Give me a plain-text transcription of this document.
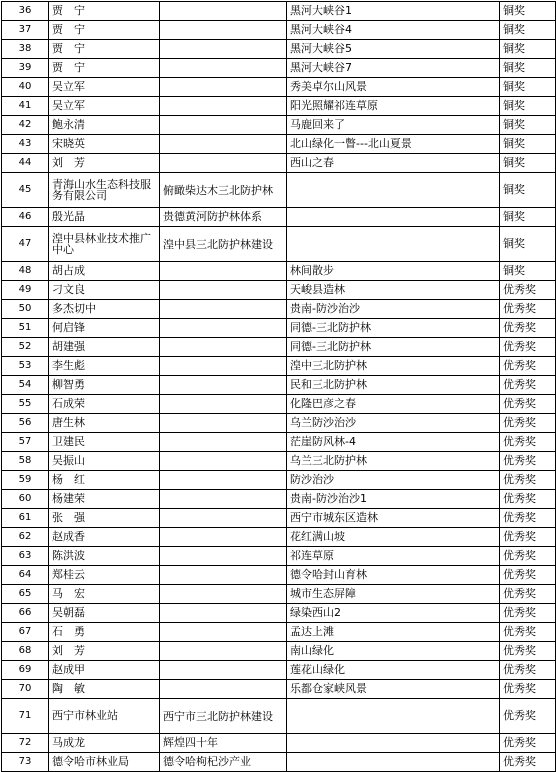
36	贾　宁		黑河大峡谷1	铜奖
37	贾　宁		黑河大峡谷4	铜奖
38	贾　宁		黑河大峡谷5	铜奖
39	贾　宁		黑河大峡谷7	铜奖
40	吴立军		秀美卓尔山风景	铜奖
41	吴立军		阳光照耀祁连草原	铜奖
42	鲍永清		马鹿回来了	铜奖
43	宋晓英		北山绿化一瞥---北山夏景	铜奖
44	刘　芳		西山之春	铜奖
45	青海山水生态科技服务有限公司	俯瞰柴达木三北防护林		铜奖
46	殷光晶	贵德黄河防护林体系		铜奖
47	湟中县林业技术推广中心	湟中县三北防护林建设		铜奖
48	胡占成		林间散步	铜奖
49	刁文良		天峻县造林	优秀奖
50	多杰切中		贵南-防沙治沙	优秀奖
51	何启锋		同德-三北防护林	优秀奖
52	胡建强		同德-三北防护林	优秀奖
53	李生彪		湟中三北防护林	优秀奖
54	柳智勇		民和三北防护林	优秀奖
55	石成荣		化隆巴彦之春	优秀奖
56	唐生林		乌兰防沙治沙	优秀奖
57	卫建民		茫崖防风林-4	优秀奖
58	吴振山		乌兰三北防护林	优秀奖
59	杨　红		防沙治沙	优秀奖
60	杨建荣		贵南-防沙治沙1	优秀奖
61	张　强		西宁市城东区造林	优秀奖
62	赵成香		花红满山坡	优秀奖
63	陈洪波		祁连草原	优秀奖
64	郑桂云		德令哈封山育林	优秀奖
65	马　宏		城市生态屏障	优秀奖
66	吴朝磊		绿染西山2	优秀奖
67	石　勇		孟达上滩	优秀奖
68	刘　芳		南山绿化	优秀奖
69	赵成甲		莲花山绿化	优秀奖
70	陶　敏		乐都仓家峡风景	优秀奖
71	西宁市林业站	西宁市三北防护林建设		优秀奖
72	马成龙	辉煌四十年		优秀奖
73	德令哈市林业局	德令哈枸杞沙产业		优秀奖
